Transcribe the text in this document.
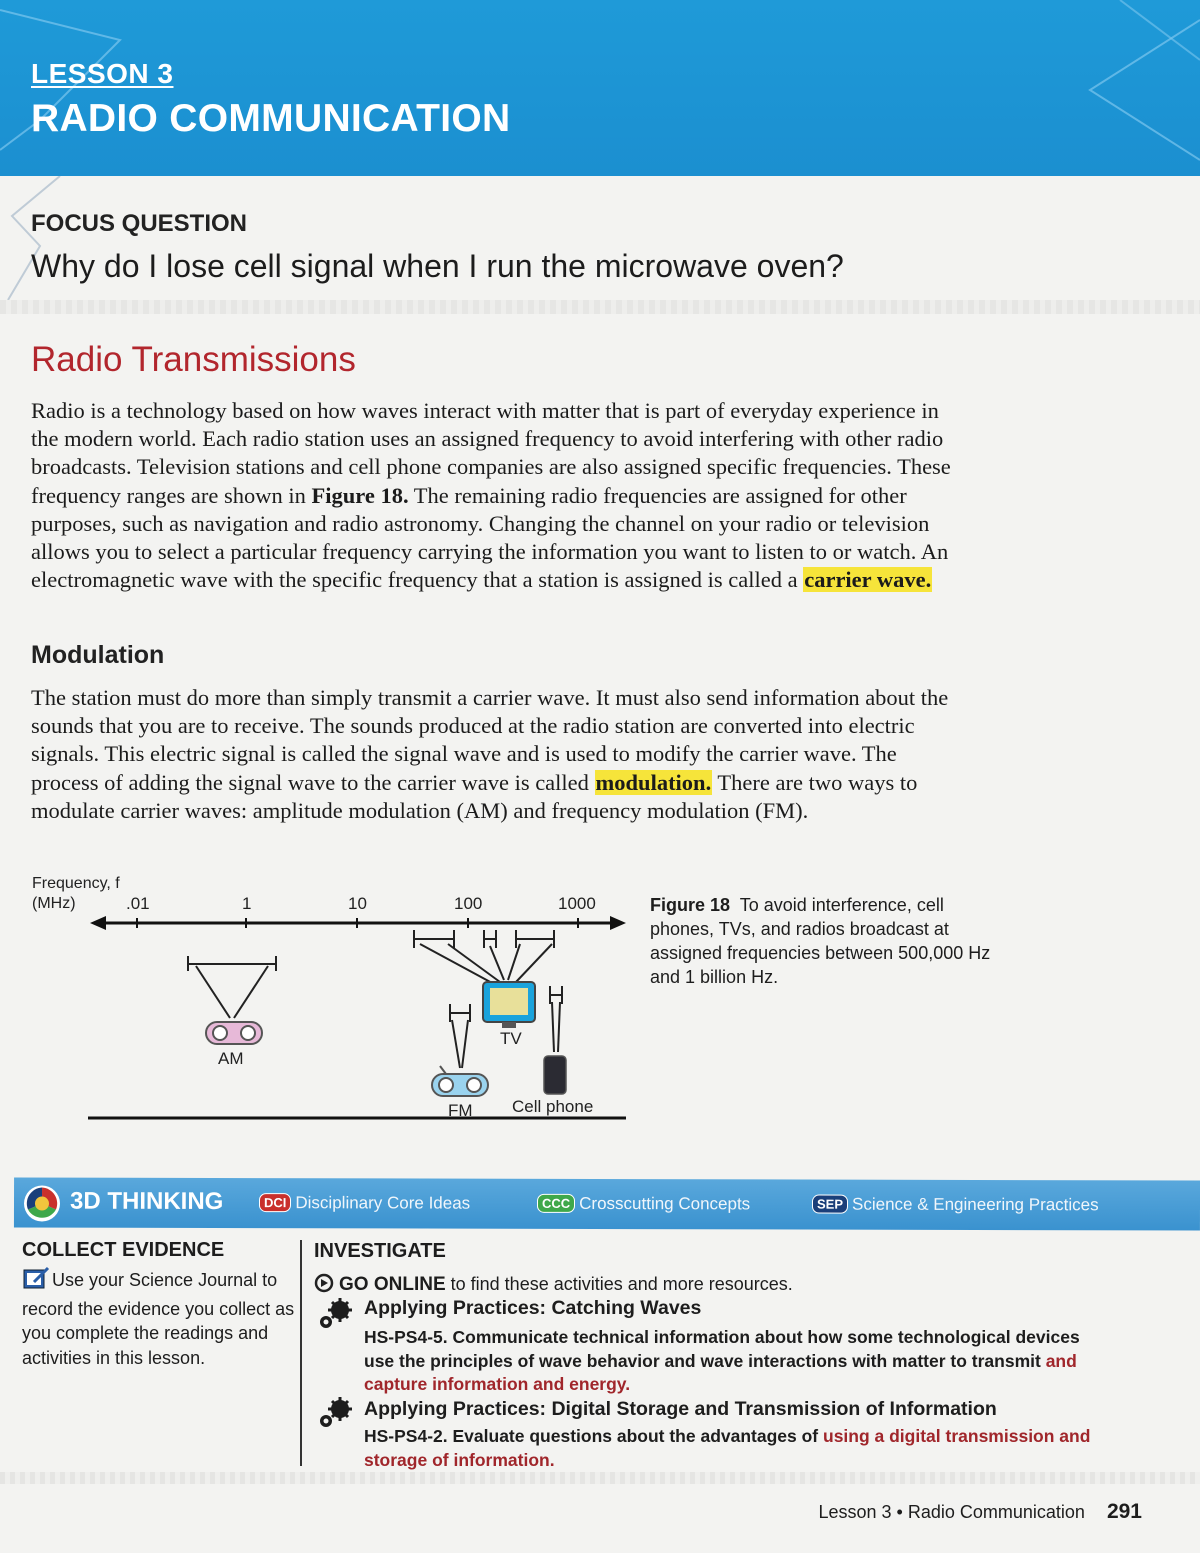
LESSON 3
RADIO COMMUNICATION
FOCUS QUESTION
Why do I lose cell signal when I run the microwave oven?
Radio Transmissions

Radio is a technology based on how waves interact with matter that is part of everyday experience in the modern world. Each radio station uses an assigned frequency to avoid interfering with other radio broadcasts. Television stations and cell phone companies are also assigned specific frequencies. These frequency ranges are shown in Figure 18. The remaining radio frequencies are assigned for other purposes, such as navigation and radio astronomy. Changing the channel on your radio or television allows you to select a particular frequency carrying the information you want to listen to or watch. An electromagnetic wave with the specific frequency that a station is assigned is called a carrier wave.

Modulation

The station must do more than simply transmit a carrier wave. It must also send information about the sounds that you are to receive. The sounds produced at the radio station are converted into electric signals. This electric signal is called the signal wave and is used to modify the carrier wave. The process of adding the signal wave to the carrier wave is called modulation. There are two ways to modulate carrier waves: amplitude modulation (AM) and frequency modulation (FM).

Frequency, f
(MHz)	.01	1	10	100	1000
AM
TV
FM Cell phone
Figure 18 To avoid interference, cell phones, TVs, and radios broadcast at assigned frequencies between 500,000 Hz and 1 billion Hz.
3D THINKING	DCI Disciplinary Core Ideas	CCC Crosscutting Concepts	SEP Science & Engineering Practices
COLLECT EVIDENCE
Use your Science Journal to record the evidence you collect as you complete the readings and activities in this lesson.
INVESTIGATE
GO ONLINE to find these activities and more resources.
Applying Practices: Catching Waves
HS-PS4-5. Communicate technical information about how some technological devices use the principles of wave behavior and wave interactions with matter to transmit and capture information and energy.
Applying Practices: Digital Storage and Transmission of Information
HS-PS4-2. Evaluate questions about the advantages of using a digital transmission and storage of information.
Lesson 3 • Radio Communication 291
